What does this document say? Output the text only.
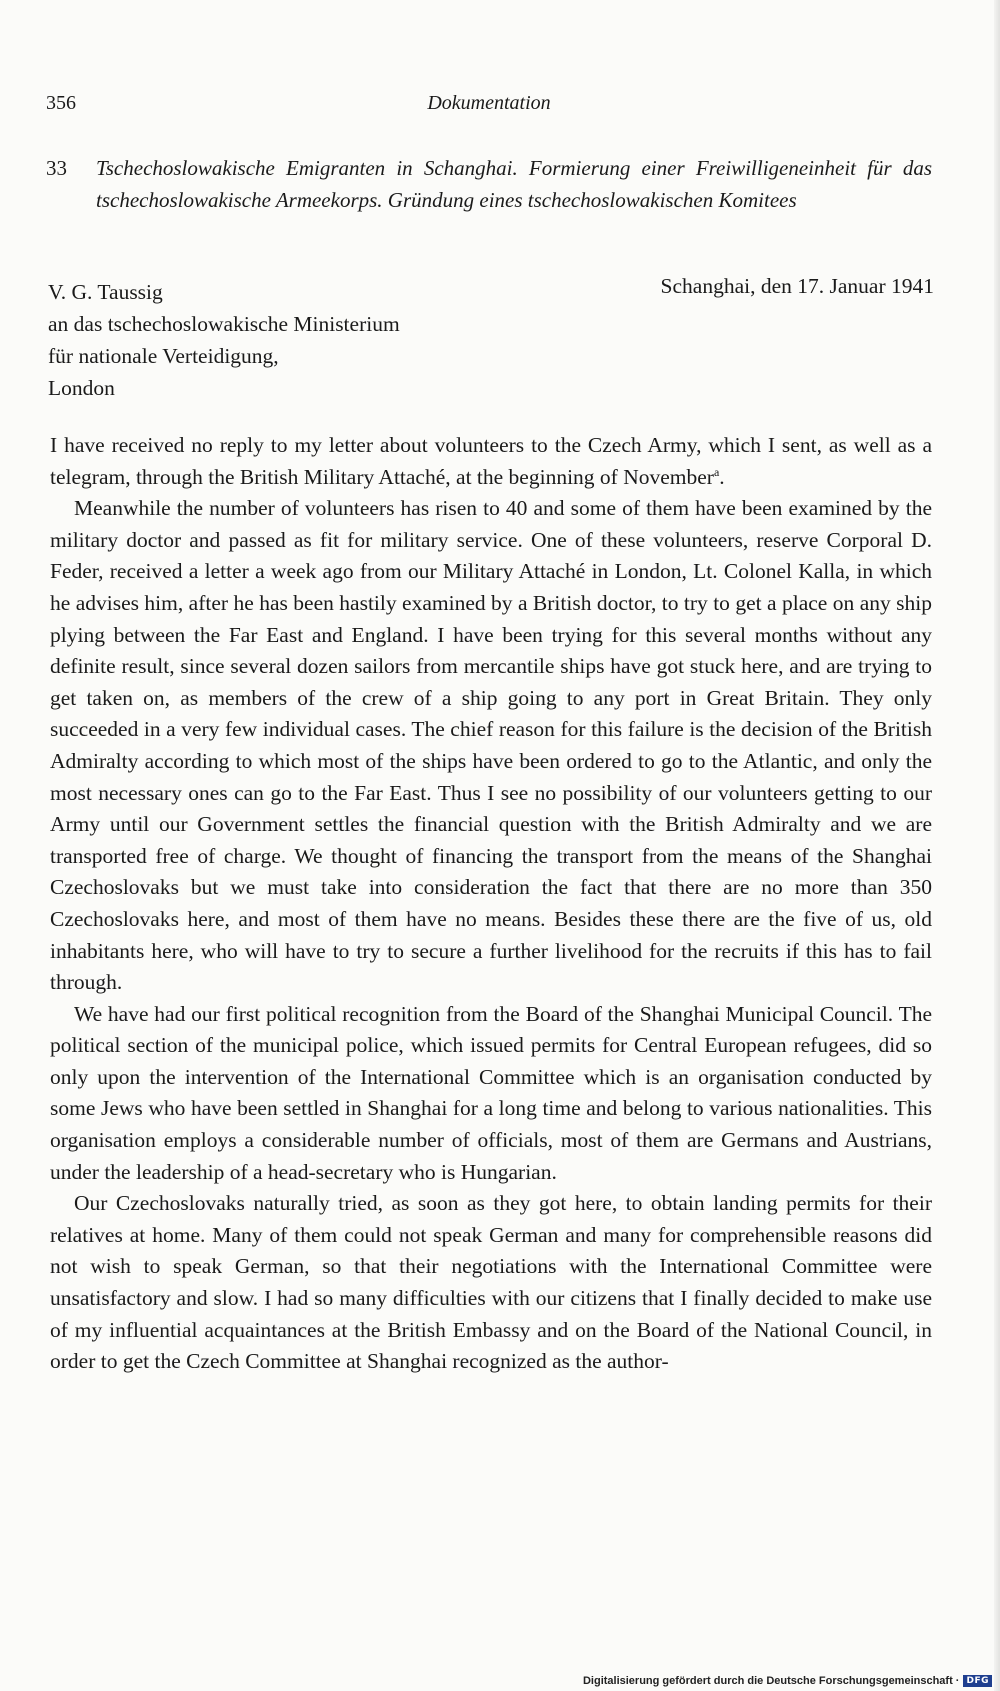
356	Dokumentation
33 Tschechoslowakische Emigranten in Schanghai. Formierung einer Freiwilligeneinheit für das tschechoslowakische Armeekorps. Gründung eines tschechoslowakischen Komitees
V. G. Taussig
an das tschechoslowakische Ministerium
für nationale Verteidigung,
London
Schanghai, den 17. Januar 1941

I have received no reply to my letter about volunteers to the Czech Army, which I sent, as well as a telegram, through the British Military Attaché, at the beginning of November$^a$.

Meanwhile the number of volunteers has risen to 40 and some of them have been examined by the military doctor and passed as fit for military service. One of these volunteers, reserve Corporal D. Feder, received a letter a week ago from our Military Attaché in London, Lt. Colonel Kalla, in which he advises him, after he has been hastily examined by a British doctor, to try to get a place on any ship plying between the Far East and England. I have been trying for this several months without any definite result, since several dozen sailors from mercantile ships have got stuck here, and are trying to get taken on, as members of the crew of a ship going to any port in Great Britain. They only succeeded in a very few individual cases. The chief reason for this failure is the decision of the British Admiralty according to which most of the ships have been ordered to go to the Atlantic, and only the most necessary ones can go to the Far East. Thus I see no possibility of our volunteers getting to our Army until our Government settles the financial question with the British Admiralty and we are transported free of charge. We thought of financing the transport from the means of the Shanghai Czechoslovaks but we must take into consideration the fact that there are no more than 350 Czechoslovaks here, and most of them have no means. Besides these there are the five of us, old inhabitants here, who will have to try to secure a further livelihood for the recruits if this has to fail through.

We have had our first political recognition from the Board of the Shanghai Municipal Council. The political section of the municipal police, which issued permits for Central European refugees, did so only upon the intervention of the International Committee which is an organisation conducted by some Jews who have been settled in Shanghai for a long time and belong to various nationalities. This organisation employs a considerable number of officials, most of them are Germans and Austrians, under the leadership of a head-secretary who is Hungarian.

Our Czechoslovaks naturally tried, as soon as they got here, to obtain landing permits for their relatives at home. Many of them could not speak German and many for comprehensible reasons did not wish to speak German, so that their negotiations with the International Committee were unsatisfactory and slow. I had so many difficulties with our citizens that I finally decided to make use of my influential acquaintances at the British Embassy and on the Board of the National Council, in order to get the Czech Committee at Shanghai recognized as the author-

Digitalisierung gefördert durch die Deutsche Forschungsgemeinschaft · DFG
